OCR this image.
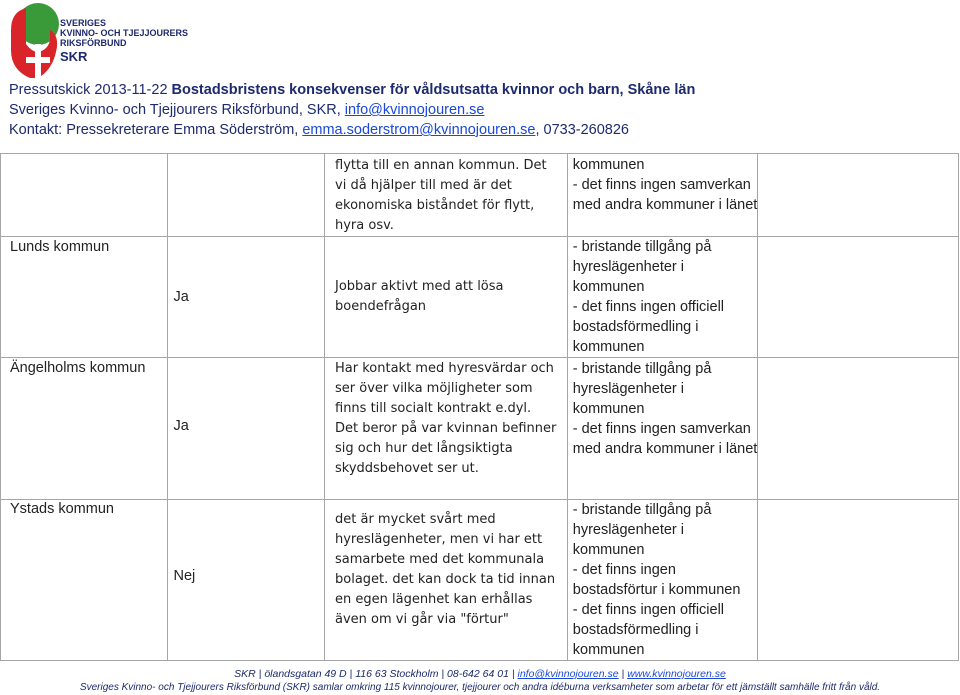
SVERIGES
KVINNO- OCH TJEJJOURERS
RIKSFÖRBUND
SKR
Pressutskick 2013-11-22 Bostadsbristens konsekvenser för våldsutsatta kvinnor och barn, Skåne län
Sveriges Kvinno- och Tjejjourers Riksförbund, SKR, info@kvinnojouren.se
Kontakt: Pressekreterare Emma Söderström, emma.soderstrom@kvinnojouren.se, 0733-260826

		flytta till en annan kommun. Det vi då hjälper till med är det ekonomiska biståndet för flytt, hyra osv.	kommunen
- det finns ingen samverkan med andra kommuner i länet	

Lunds kommun	Ja	Jobbar aktivt med att lösa boendefrågan	- bristande tillgång på hyreslägenheter i kommunen
- det finns ingen officiell bostadsförmedling i kommunen	

Ängelholms kommun	Ja	Har kontakt med hyresvärdar och ser över vilka möjligheter som finns till socialt kontrakt e.dyl. Det beror på var kvinnan befinner sig och hur det långsiktigta skyddsbehovet ser ut.	- bristande tillgång på hyreslägenheter i kommunen
- det finns ingen samverkan med andra kommuner i länet	

Ystads kommun	Nej	det är mycket svårt med hyreslägenheter, men vi har ett samarbete med det kommunala bolaget. det kan dock ta tid innan en egen lägenhet kan erhållas även om vi går via "förtur"	- bristande tillgång på hyreslägenheter i kommunen
- det finns ingen bostadsförtur i kommunen
- det finns ingen officiell bostadsförmedling i kommunen	

SKR | ölandsgatan 49 D | 116 63 Stockholm | 08-642 64 01 | info@kvinnojouren.se | www.kvinnojouren.se
Sveriges Kvinno- och Tjejjourers Riksförbund (SKR) samlar omkring 115 kvinnojourer, tjejjourer och andra idéburna verksamheter som arbetar för ett jämställt samhälle fritt från våld.
